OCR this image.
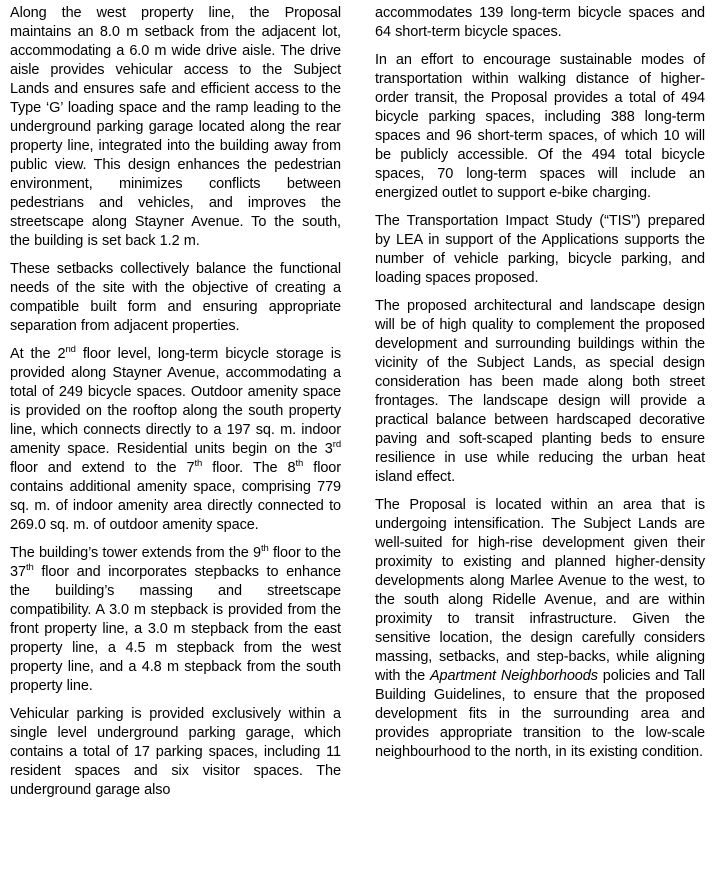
Along the west property line, the Proposal maintains an 8.0 m setback from the adjacent lot, accommodating a 6.0 m wide drive aisle. The drive aisle provides vehicular access to the Subject Lands and ensures safe and efficient access to the Type ‘G’ loading space and the ramp leading to the underground parking garage located along the rear property line, integrated into the building away from public view. This design enhances the pedestrian environment, minimizes conflicts between pedestrians and vehicles, and improves the streetscape along Stayner Avenue. To the south, the building is set back 1.2 m.

These setbacks collectively balance the functional needs of the site with the objective of creating a compatible built form and ensuring appropriate separation from adjacent properties.

At the 2nd floor level, long-term bicycle storage is provided along Stayner Avenue, accommodating a total of 249 bicycle spaces. Outdoor amenity space is provided on the rooftop along the south property line, which connects directly to a 197 sq. m. indoor amenity space. Residential units begin on the 3rd floor and extend to the 7th floor. The 8th floor contains additional amenity space, comprising 779 sq. m. of indoor amenity area directly connected to 269.0 sq. m. of outdoor amenity space.

The building’s tower extends from the 9th floor to the 37th floor and incorporates stepbacks to enhance the building’s massing and streetscape compatibility. A 3.0 m stepback is provided from the front property line, a 3.0 m stepback from the east property line, a 4.5 m stepback from the west property line, and a 4.8 m stepback from the south property line.

Vehicular parking is provided exclusively within a single level underground parking garage, which contains a total of 17 parking spaces, including 11 resident spaces and six visitor spaces. The underground garage also

accommodates 139 long-term bicycle spaces and 64 short-term bicycle spaces.

In an effort to encourage sustainable modes of transportation within walking distance of higher-order transit, the Proposal provides a total of 494 bicycle parking spaces, including 388 long-term spaces and 96 short-term spaces, of which 10 will be publicly accessible. Of the 494 total bicycle spaces, 70 long-term spaces will include an energized outlet to support e-bike charging.

The Transportation Impact Study (“TIS”) prepared by LEA in support of the Applications supports the number of vehicle parking, bicycle parking, and loading spaces proposed.

The proposed architectural and landscape design will be of high quality to complement the proposed development and surrounding buildings within the vicinity of the Subject Lands, as special design consideration has been made along both street frontages. The landscape design will provide a practical balance between hardscaped decorative paving and soft-scaped planting beds to ensure resilience in use while reducing the urban heat island effect.

The Proposal is located within an area that is undergoing intensification. The Subject Lands are well-suited for high-rise development given their proximity to existing and planned higher-density developments along Marlee Avenue to the west, to the south along Ridelle Avenue, and are within proximity to transit infrastructure. Given the sensitive location, the design carefully considers massing, setbacks, and step-backs, while aligning with the Apartment Neighborhoods policies and Tall Building Guidelines, to ensure that the proposed development fits in the surrounding area and provides appropriate transition to the low-scale neighbourhood to the north, in its existing condition.
